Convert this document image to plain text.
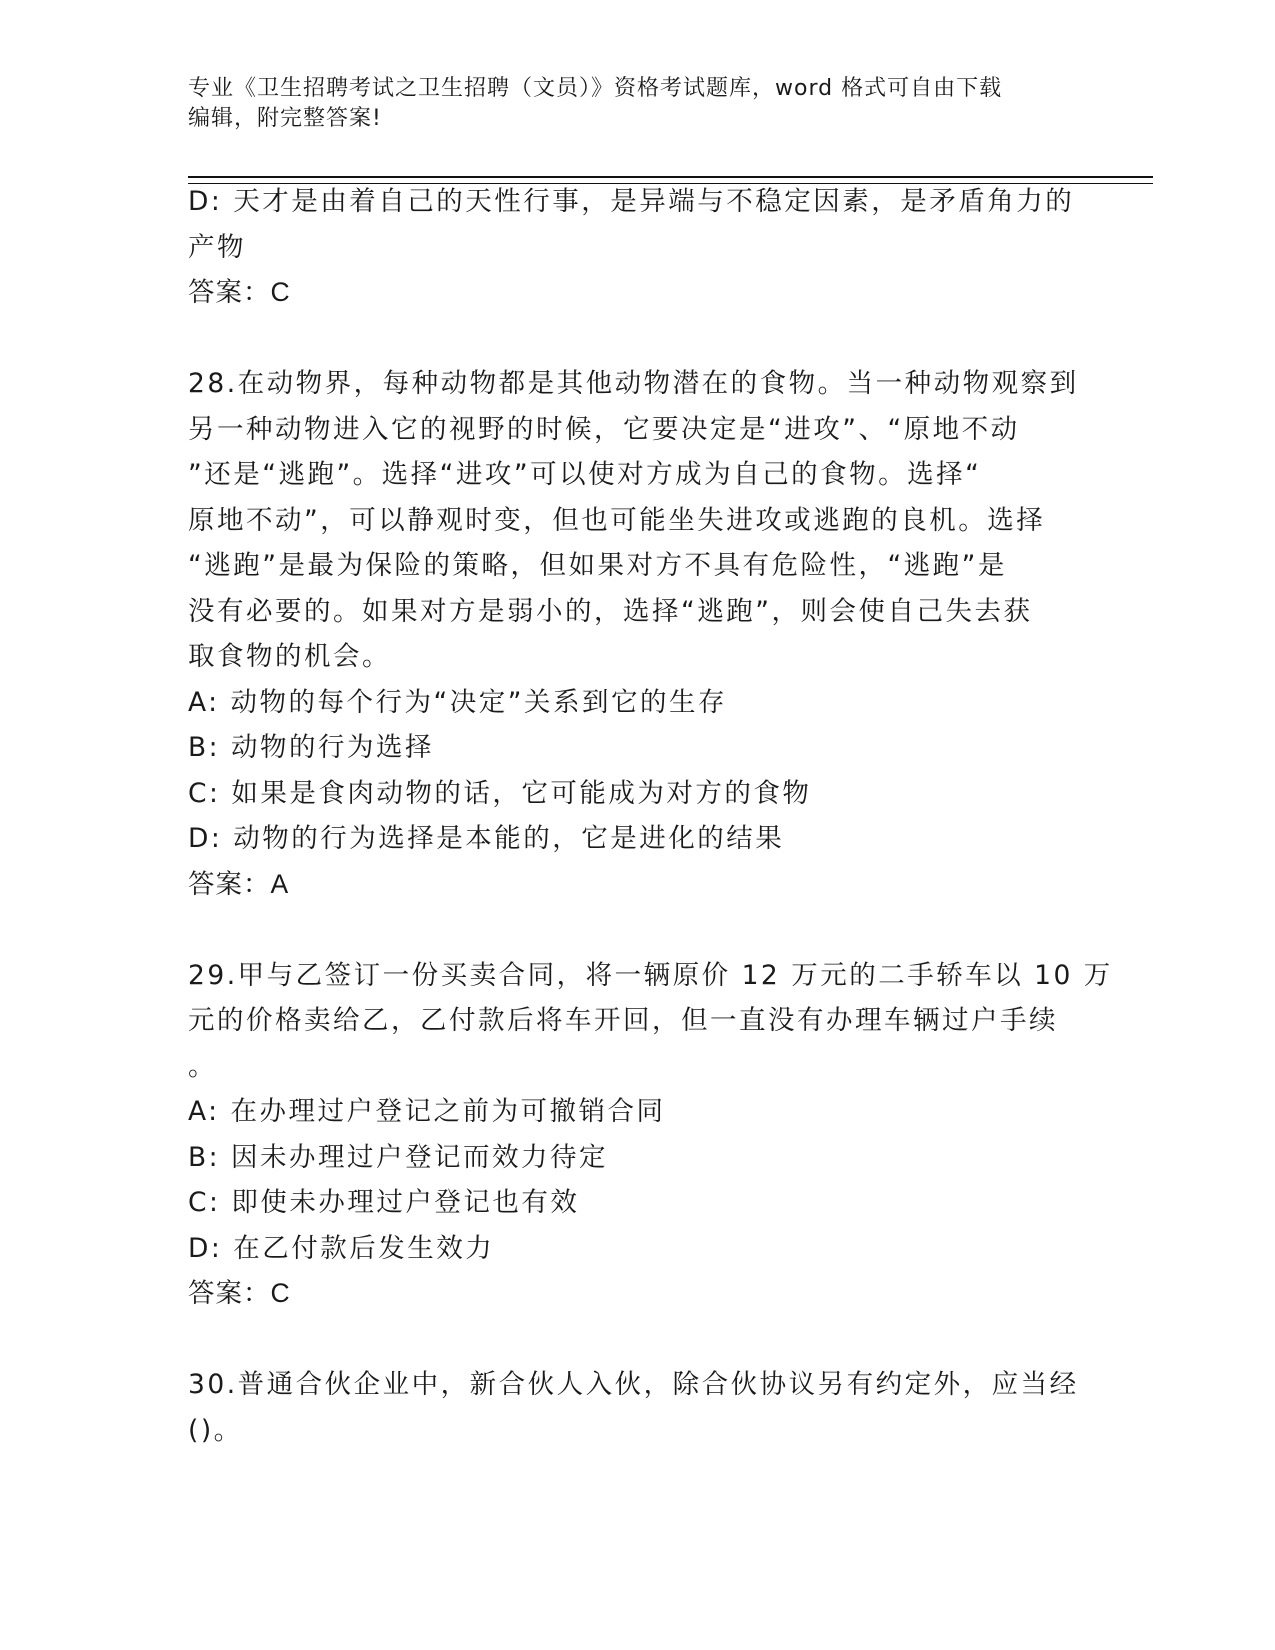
专业《卫生招聘考试之卫生招聘（文员）》资格考试题库，word 格式可自由下载
编辑，附完整答案!
D: 天才是由着自己的天性行事，是异端与不稳定因素，是矛盾角力的
产物
答案：C
28.在动物界，每种动物都是其他动物潜在的食物。当一种动物观察到
另一种动物进入它的视野的时候，它要决定是“进攻”、“原地不动
”还是“逃跑”。选择“进攻”可以使对方成为自己的食物。选择“
原地不动”，可以静观时变，但也可能坐失进攻或逃跑的良机。选择
“逃跑”是最为保险的策略，但如果对方不具有危险性，“逃跑”是
没有必要的。如果对方是弱小的，选择“逃跑”，则会使自己失去获
取食物的机会。
A: 动物的每个行为“决定”关系到它的生存
B: 动物的行为选择
C: 如果是食肉动物的话，它可能成为对方的食物
D: 动物的行为选择是本能的，它是进化的结果
答案：A
29.甲与乙签订一份买卖合同，将一辆原价 12 万元的二手轿车以 10 万
元的价格卖给乙，乙付款后将车开回，但一直没有办理车辆过户手续
。
A: 在办理过户登记之前为可撤销合同
B: 因未办理过户登记而效力待定
C: 即使未办理过户登记也有效
D: 在乙付款后发生效力
答案：C
30.普通合伙企业中，新合伙人入伙，除合伙协议另有约定外，应当经
()。
